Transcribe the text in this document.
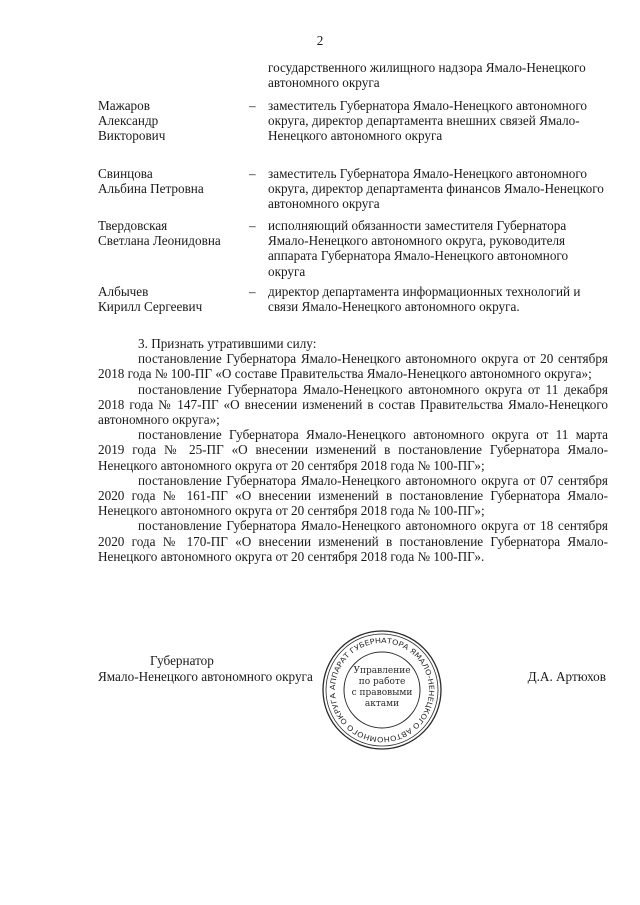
2
государственного жилищного надзора Ямало-Ненецкого автономного округа
Мажаров
Александр
Викторович
– заместитель Губернатора Ямало-Ненецкого автономного округа, директор департамента внешних связей Ямало-Ненецкого автономного округа
Свинцова
Альбина Петровна
– заместитель Губернатора Ямало-Ненецкого автономного округа, директор департамента финансов Ямало-Ненецкого автономного округа
Твердовская
Светлана Леонидовна
– исполняющий обязанности заместителя Губернатора Ямало-Ненецкого автономного округа, руководителя аппарата Губернатора Ямало-Ненецкого автономного округа
Албычев
Кирилл Сергеевич
– директор департамента информационных технологий и связи Ямало-Ненецкого автономного округа.

3. Признать утратившими силу:

постановление Губернатора Ямало-Ненецкого автономного округа от 20 сентября 2018 года № 100-ПГ «О составе Правительства Ямало-Ненецкого автономного округа»;

постановление Губернатора Ямало-Ненецкого автономного округа от 11 декабря 2018 года № 147-ПГ «О внесении изменений в состав Правительства Ямало-Ненецкого автономного округа»;

постановление Губернатора Ямало-Ненецкого автономного округа от 11 марта 2019 года № 25-ПГ «О внесении изменений в постановление Губернатора Ямало-Ненецкого автономного округа от 20 сентября 2018 года № 100-ПГ»;

постановление Губернатора Ямало-Ненецкого автономного округа от 07 сентября 2020 года № 161-ПГ «О внесении изменений в постановление Губернатора Ямало-Ненецкого автономного округа от 20 сентября 2018 года № 100-ПГ»;

постановление Губернатора Ямало-Ненецкого автономного округа от 18 сентября 2020 года № 170-ПГ «О внесении изменений в постановление Губернатора Ямало-Ненецкого автономного округа от 20 сентября 2018 года № 100-ПГ».

Губернатор
Ямало-Ненецкого автономного округа	Д.А. Артюхов
АППАРАТ ГУБЕРНАТОРА ЯМАЛО-НЕНЕЦКОГО АВТОНОМНОГО ОКРУГА
Управление
по работе
с правовыми
актами
